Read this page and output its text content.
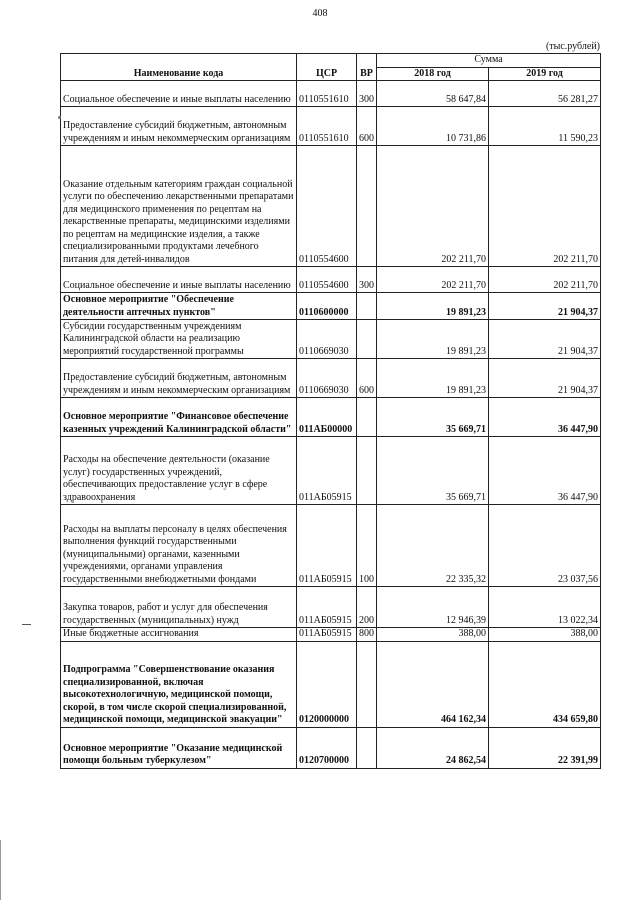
408
(тыс.рублей)
Наименование кода	ЦСР	ВР	Сумма	
			2018 год	2019 год
Социальное обеспечение и иные выплаты населению	0110551610	300	58 647,84	56 281,27
Предоставление субсидий бюджетным, автономным учреждениям и иным некоммерческим организациям	0110551610	600	10 731,86	11 590,23
Оказание отдельным категориям граждан социальной услуги по обеспечению лекарственными препаратами для медицинского применения по рецептам на лекарственные препараты, медицинскими изделиями по рецептам на медицинские изделия, а также специализированными продуктами лечебного питания для детей-инвалидов	0110554600		202 211,70	202 211,70
Социальное обеспечение и иные выплаты населению	0110554600	300	202 211,70	202 211,70
Основное мероприятие "Обеспечение деятельности аптечных пунктов"	0110600000		19 891,23	21 904,37
Субсидии государственным учреждениям Калининградской области на реализацию мероприятий государственной программы	0110669030		19 891,23	21 904,37
Предоставление субсидий бюджетным, автономным учреждениям и иным некоммерческим организациям	0110669030	600	19 891,23	21 904,37
Основное мероприятие "Финансовое обеспечение казенных учреждений Калининградской области"	011АБ00000		35 669,71	36 447,90
Расходы на обеспечение деятельности (оказание услуг) государственных учреждений, обеспечивающих предоставление услуг в сфере здравоохранения	011АБ05915		35 669,71	36 447,90
Расходы на выплаты персоналу в целях обеспечения выполнения функций государственными (муниципальными) органами, казенными учреждениями, органами управления государственными внебюджетными фондами	011АБ05915	100	22 335,32	23 037,56
Закупка товаров, работ и услуг для обеспечения государственных (муниципальных) нужд	011АБ05915	200	12 946,39	13 022,34
Иные бюджетные ассигнования	011АБ05915	800	388,00	388,00
Подпрограмма "Совершенствование оказания специализированной, включая высокотехнологичную, медицинской помощи, скорой, в том числе скорой специализированной, медицинской помощи, медицинской эвакуации"	0120000000		464 162,34	434 659,80
Основное мероприятие "Оказание медицинской помощи больным туберкулезом"	0120700000		24 862,54	22 391,99
